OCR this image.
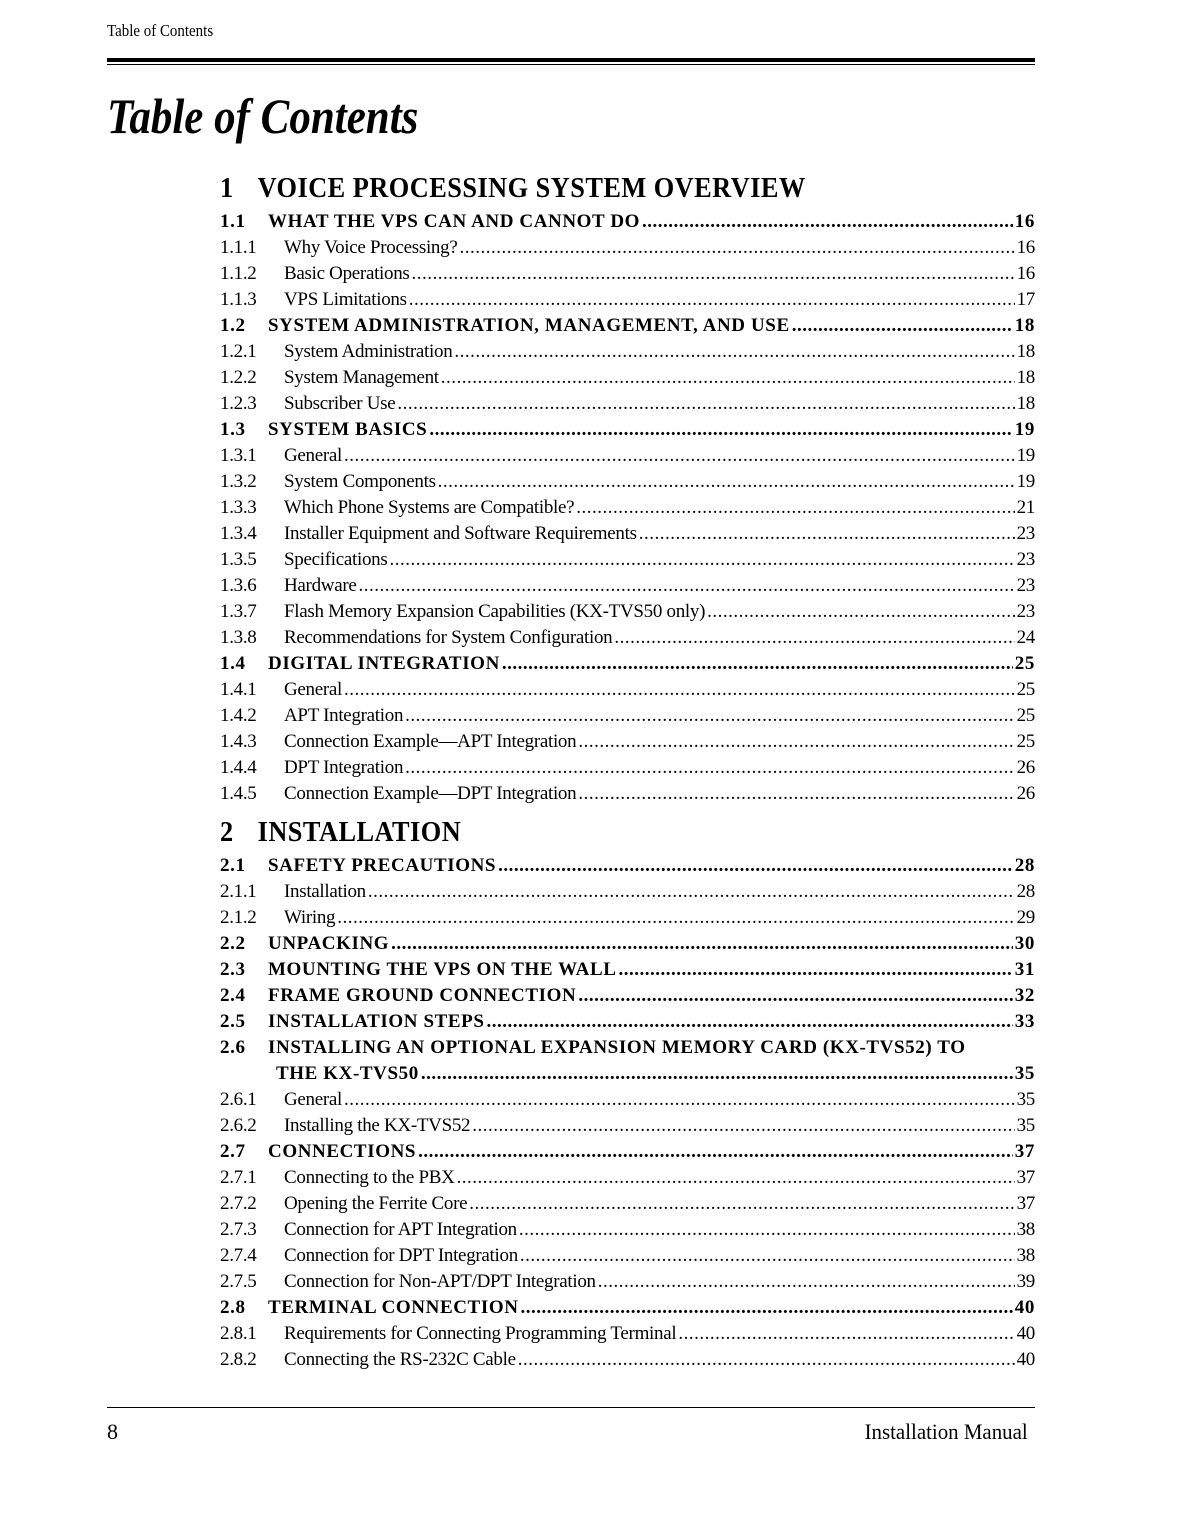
Table of Contents
Table of Contents
1 VOICE PROCESSING SYSTEM OVERVIEW
1.1	WHAT THE VPS CAN AND CANNOT DO .....	16
1.1.1	Why Voice Processing? .....	16
1.1.2	Basic Operations .....	16
1.1.3	VPS Limitations .....	17
1.2	SYSTEM ADMINISTRATION, MANAGEMENT, AND USE .....	18
1.2.1	System Administration .....	18
1.2.2	System Management .....	18
1.2.3	Subscriber Use .....	18
1.3	SYSTEM BASICS .....	19
1.3.1	General .....	19
1.3.2	System Components .....	19
1.3.3	Which Phone Systems are Compatible? .....	21
1.3.4	Installer Equipment and Software Requirements .....	23
1.3.5	Specifications .....	23
1.3.6	Hardware .....	23
1.3.7	Flash Memory Expansion Capabilities (KX-TVS50 only) .....	23
1.3.8	Recommendations for System Configuration .....	24
1.4	DIGITAL INTEGRATION .....	25
1.4.1	General .....	25
1.4.2	APT Integration .....	25
1.4.3	Connection Example—APT Integration .....	25
1.4.4	DPT Integration .....	26
1.4.5	Connection Example—DPT Integration .....	26
2 INSTALLATION
2.1	SAFETY PRECAUTIONS .....	28
2.1.1	Installation .....	28
2.1.2	Wiring .....	29
2.2	UNPACKING .....	30
2.3	MOUNTING THE VPS ON THE WALL .....	31
2.4	FRAME GROUND CONNECTION .....	32
2.5	INSTALLATION STEPS .....	33
2.6	INSTALLING AN OPTIONAL EXPANSION MEMORY CARD (KX-TVS52) TO
THE KX-TVS50 .....	35
2.6.1	General .....	35
2.6.2	Installing the KX-TVS52 .....	35
2.7	CONNECTIONS .....	37
2.7.1	Connecting to the PBX .....	37
2.7.2	Opening the Ferrite Core .....	37
2.7.3	Connection for APT Integration .....	38
2.7.4	Connection for DPT Integration .....	38
2.7.5	Connection for Non-APT/DPT Integration .....	39
2.8	TERMINAL CONNECTION .....	40
2.8.1	Requirements for Connecting Programming Terminal .....	40
2.8.2	Connecting the RS-232C Cable .....	40
8	Installation Manual
